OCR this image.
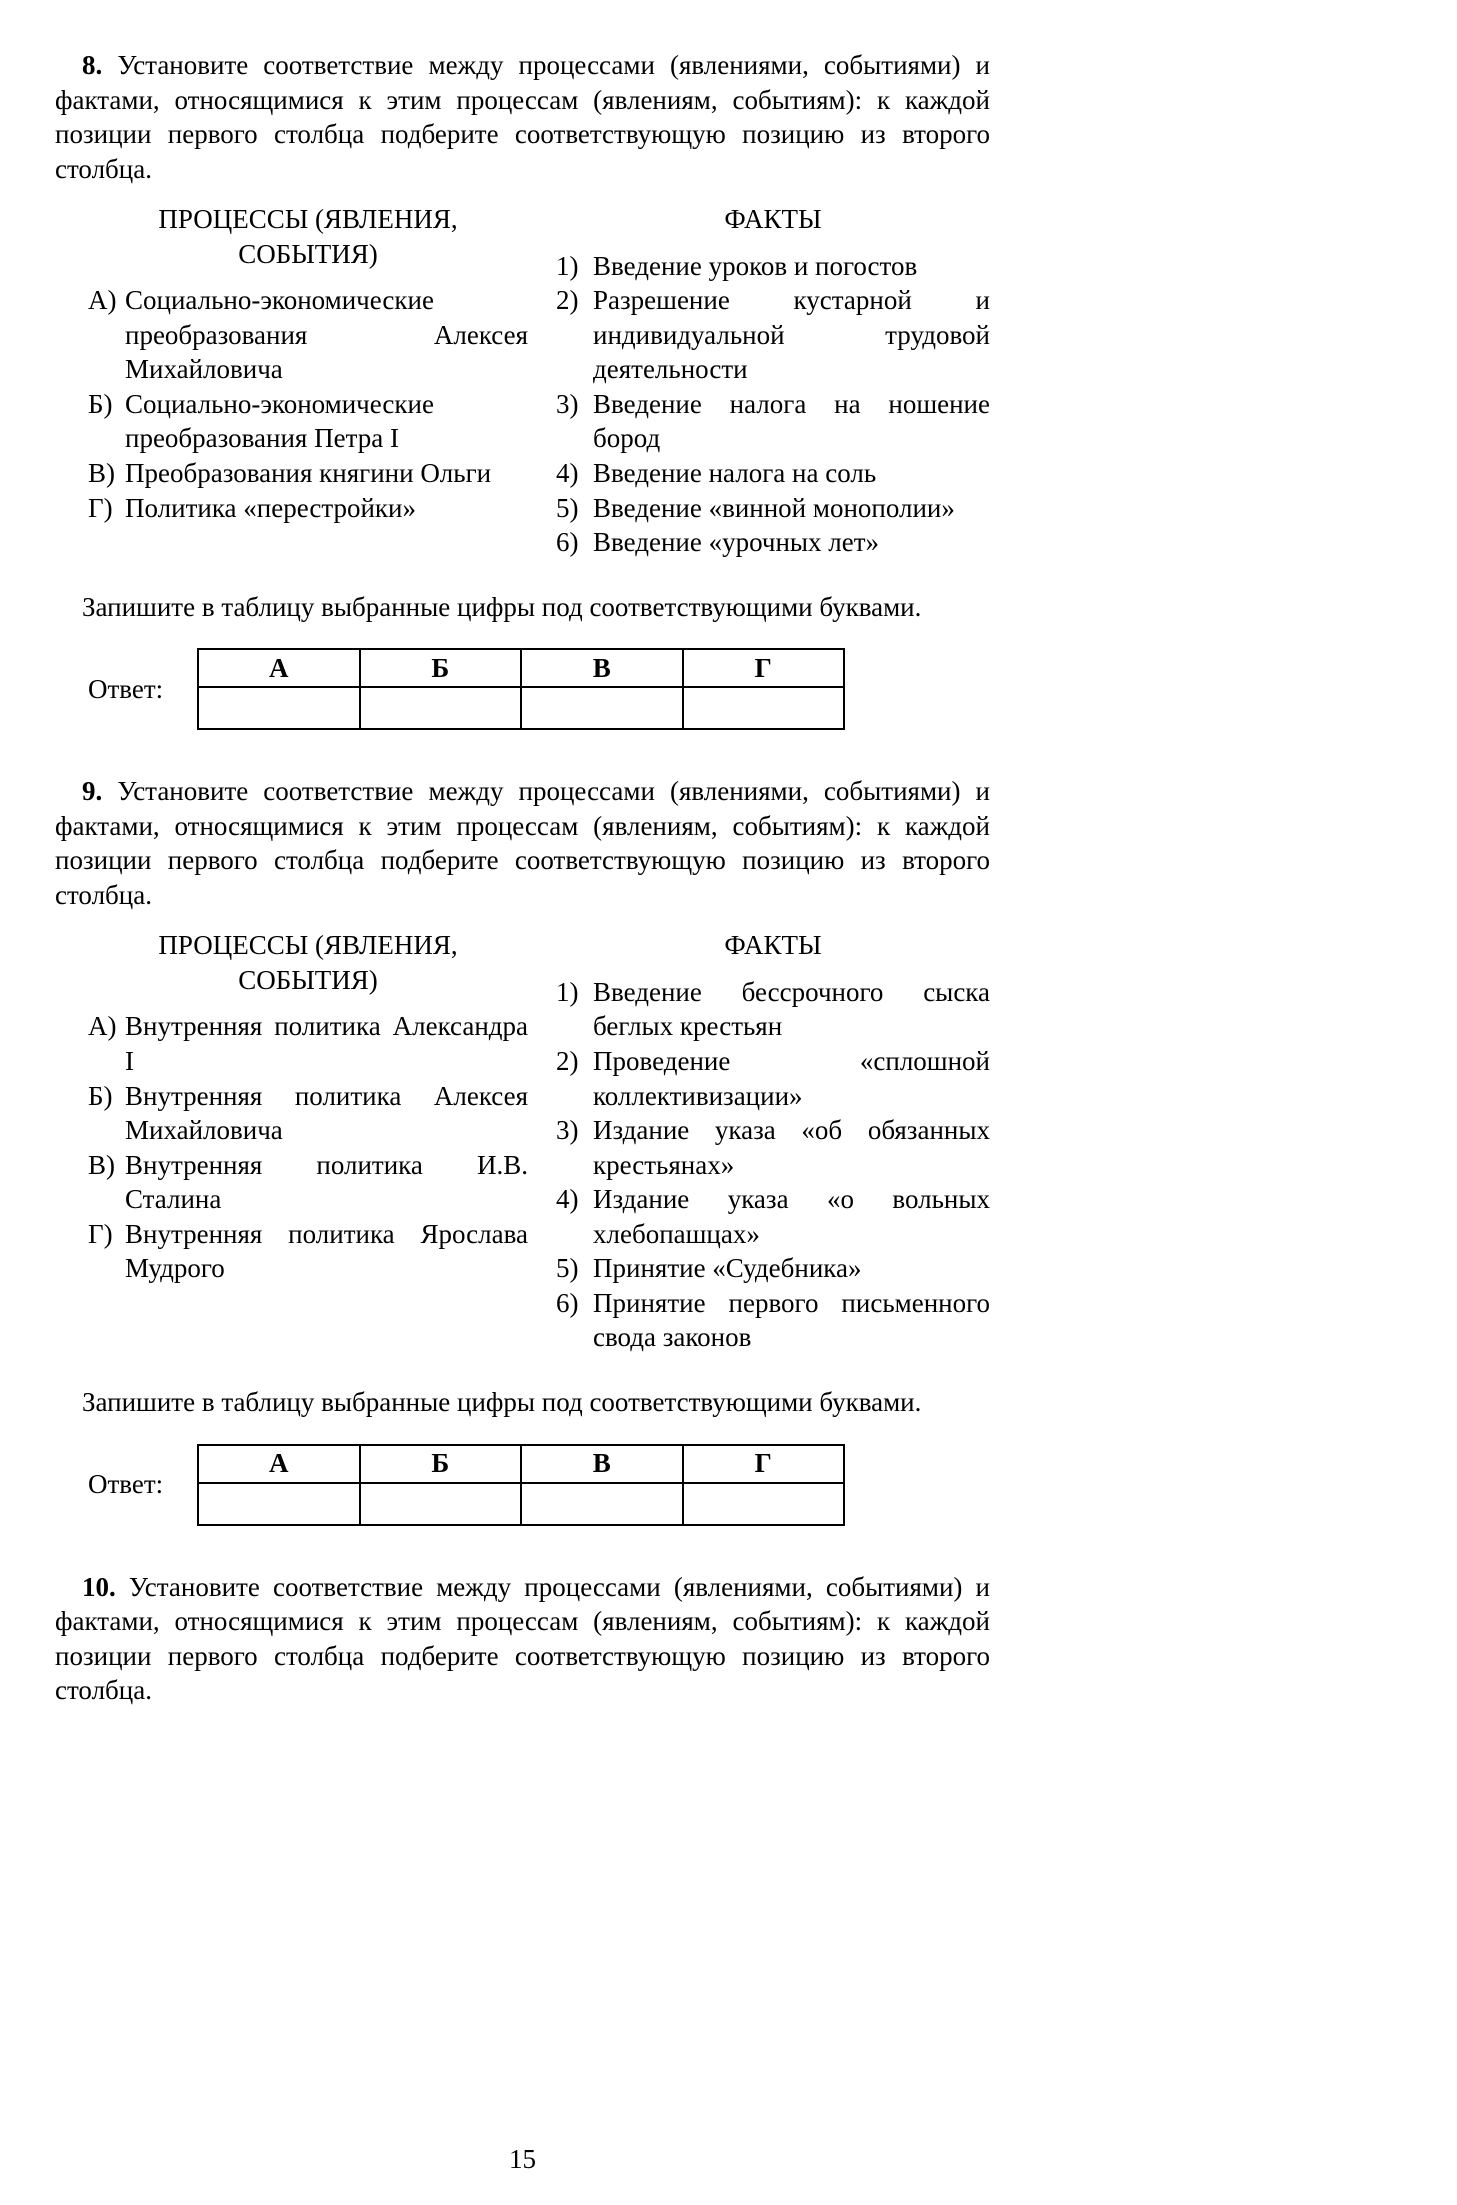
8. Установите соответствие между процессами (явлениями, событиями) и фактами, относящимися к этим процессам (явлениям, событиям): к каждой позиции первого столбца подберите соответствующую позицию из второго столбца.

ПРОЦЕССЫ (ЯВЛЕНИЯ, СОБЫТИЯ)
А) Социально-экономические преобразования Алексея Михайловича
Б) Социально-экономические преобразования Петра I
В) Преобразования княгини Ольги
Г) Политика «перестройки»
ФАКТЫ
1) Введение уроков и погостов
2) Разрешение кустарной и индивидуальной трудовой деятельности
3) Введение налога на ношение бород
4) Введение налога на соль
5) Введение «винной монополии»
6) Введение «урочных лет»

Запишите в таблицу выбранные цифры под соответствующими буквами.

Ответ:
А	Б	В	Г

9. Установите соответствие между процессами (явлениями, событиями) и фактами, относящимися к этим процессам (явлениям, событиям): к каждой позиции первого столбца подберите соответствующую позицию из второго столбца.

ПРОЦЕССЫ (ЯВЛЕНИЯ, СОБЫТИЯ)
А) Внутренняя политика Александра I
Б) Внутренняя политика Алексея Михайловича
В) Внутренняя политика И.В. Сталина
Г) Внутренняя политика Ярослава Мудрого
ФАКТЫ
1) Введение бессрочного сыска беглых крестьян
2) Проведение «сплошной коллективизации»
3) Издание указа «об обязанных крестьянах»
4) Издание указа «о вольных хлебопашцах»
5) Принятие «Судебника»
6) Принятие первого письменного свода законов

Запишите в таблицу выбранные цифры под соответствующими буквами.

Ответ:
А	Б	В	Г

10. Установите соответствие между процессами (явлениями, событиями) и фактами, относящимися к этим процессам (явлениям, событиям): к каждой позиции первого столбца подберите соответствующую позицию из второго столбца.

15
